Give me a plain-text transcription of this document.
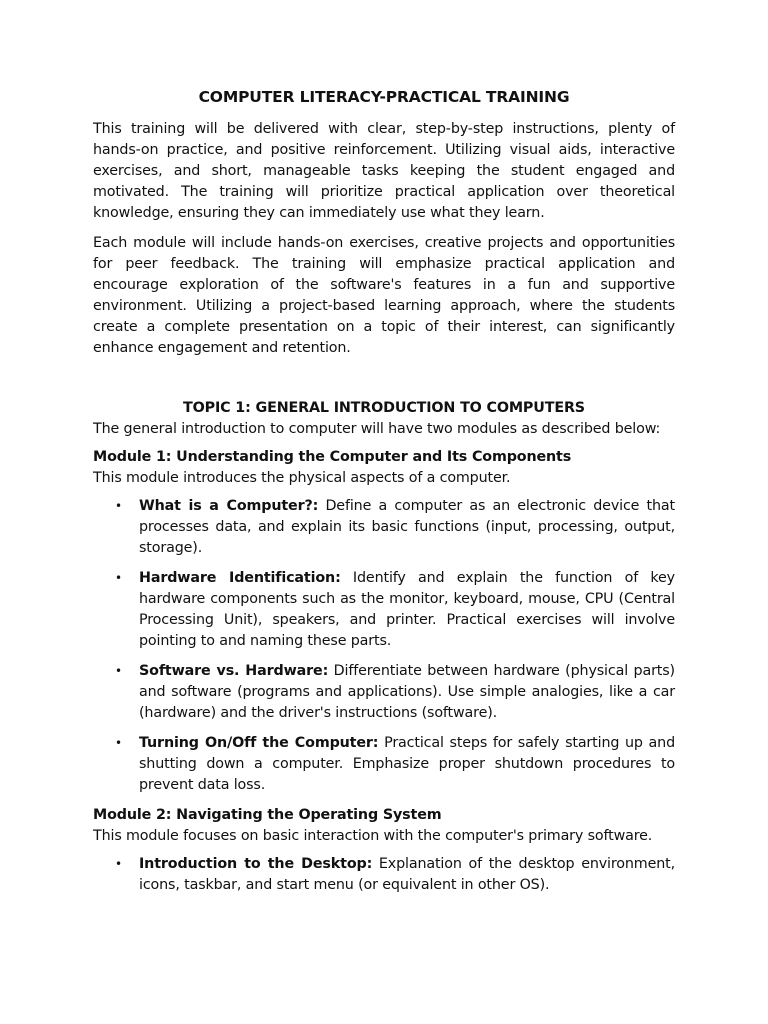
COMPUTER LITERACY-PRACTICAL TRAINING

This training will be delivered with clear, step-by-step instructions, plenty of hands-on practice, and positive reinforcement. Utilizing visual aids, interactive exercises, and short, manageable tasks keeping the student engaged and motivated. The training will prioritize practical application over theoretical knowledge, ensuring they can immediately use what they learn.

Each module will include hands-on exercises, creative projects and opportunities for peer feedback. The training will emphasize practical application and encourage exploration of the software's features in a fun and supportive environment. Utilizing a project-based learning approach, where the students create a complete presentation on a topic of their interest, can significantly enhance engagement and retention.

TOPIC 1: GENERAL INTRODUCTION TO COMPUTERS

The general introduction to computer will have two modules as described below:

Module 1: Understanding the Computer and Its Components

This module introduces the physical aspects of a computer.

• What is a Computer?: Define a computer as an electronic device that processes data, and explain its basic functions (input, processing, output, storage).
• Hardware Identification: Identify and explain the function of key hardware components such as the monitor, keyboard, mouse, CPU (Central Processing Unit), speakers, and printer. Practical exercises will involve pointing to and naming these parts.
• Software vs. Hardware: Differentiate between hardware (physical parts) and software (programs and applications). Use simple analogies, like a car (hardware) and the driver's instructions (software).
• Turning On/Off the Computer: Practical steps for safely starting up and shutting down a computer. Emphasize proper shutdown procedures to prevent data loss.

Module 2: Navigating the Operating System

This module focuses on basic interaction with the computer's primary software.

• Introduction to the Desktop: Explanation of the desktop environment, icons, taskbar, and start menu (or equivalent in other OS).
